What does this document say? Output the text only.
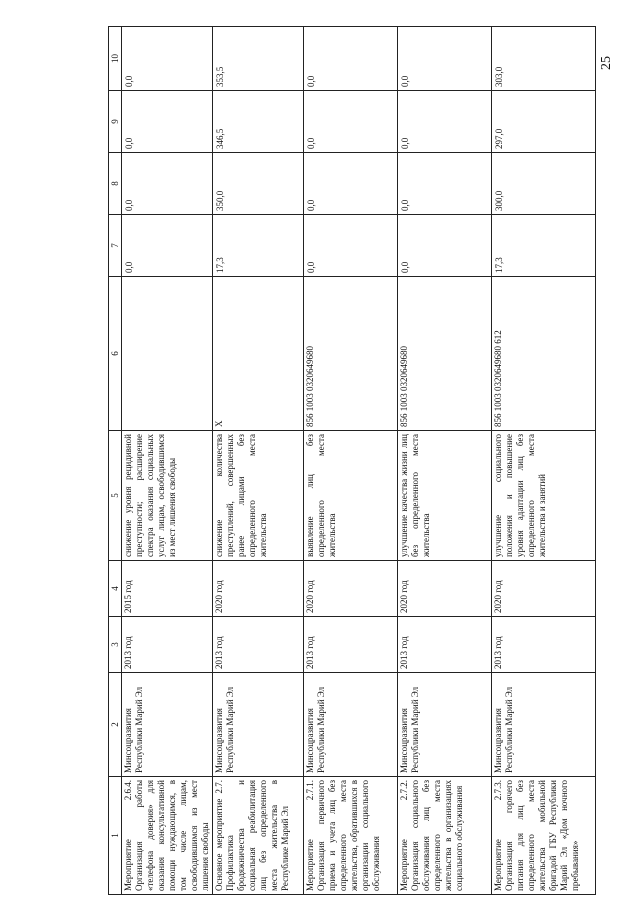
25
1	2	3	4	5	6	7	8	9	10
Мероприятие 2.6.4. Организация работы «телефона доверия» для оказания консультативной помощи нуждающимся, в том числе лицам, освободившимся из мест лишения свободы	Минсоцразвития Республики Марий Эл	2013 год	2015 год	снижение уровня рецидивной преступности; расширение спектра оказания социальных услуг лицам, освободившимся из мест лишения свободы		0,0	0,0	0,0	0,0
Основное мероприятие 2.7. Профилактика бродяжничества и социальная реабилитация лиц без определенного места жительства в Республике Марий Эл	Минсоцразвития Республики Марий Эл	2013 год	2020 год	снижение количества преступлений, совершенных ранее лицами без определенного места жительства	Х	17,3	350,0	346,5	353,5
Мероприятие 2.7.1. Организация первичного приема и учета лиц без определенного места жительства, обратившихся в организации социального обслуживания	Минсоцразвития Республики Марий Эл	2013 год	2020 год	выявление лиц без определенного места жительства	856 1003 0320649680	0,0	0,0	0,0	0,0
Мероприятие 2.7.2. Организация социального обслуживания лиц без определенного места жительства в организациях социального обслуживания	Минсоцразвития Республики Марий Эл	2013 год	2020 год	улучшение качества жизни лиц без определенного места жительства	856 1003 0320649680	0,0	0,0	0,0	0,0
Мероприятие 2.7.3. Организация горячего питания для лиц без определенного места жительства мобильной бригадой ГБУ Республики Марий Эл «Дом ночного пребывания»	Минсоцразвития Республики Марий Эл	2013 год	2020 год	улучшение социального положения и повышение уровня адаптации лиц без определенного места жительства и занятий	856 1003 0320649680 612	17,3	300,0	297,0	303,0
